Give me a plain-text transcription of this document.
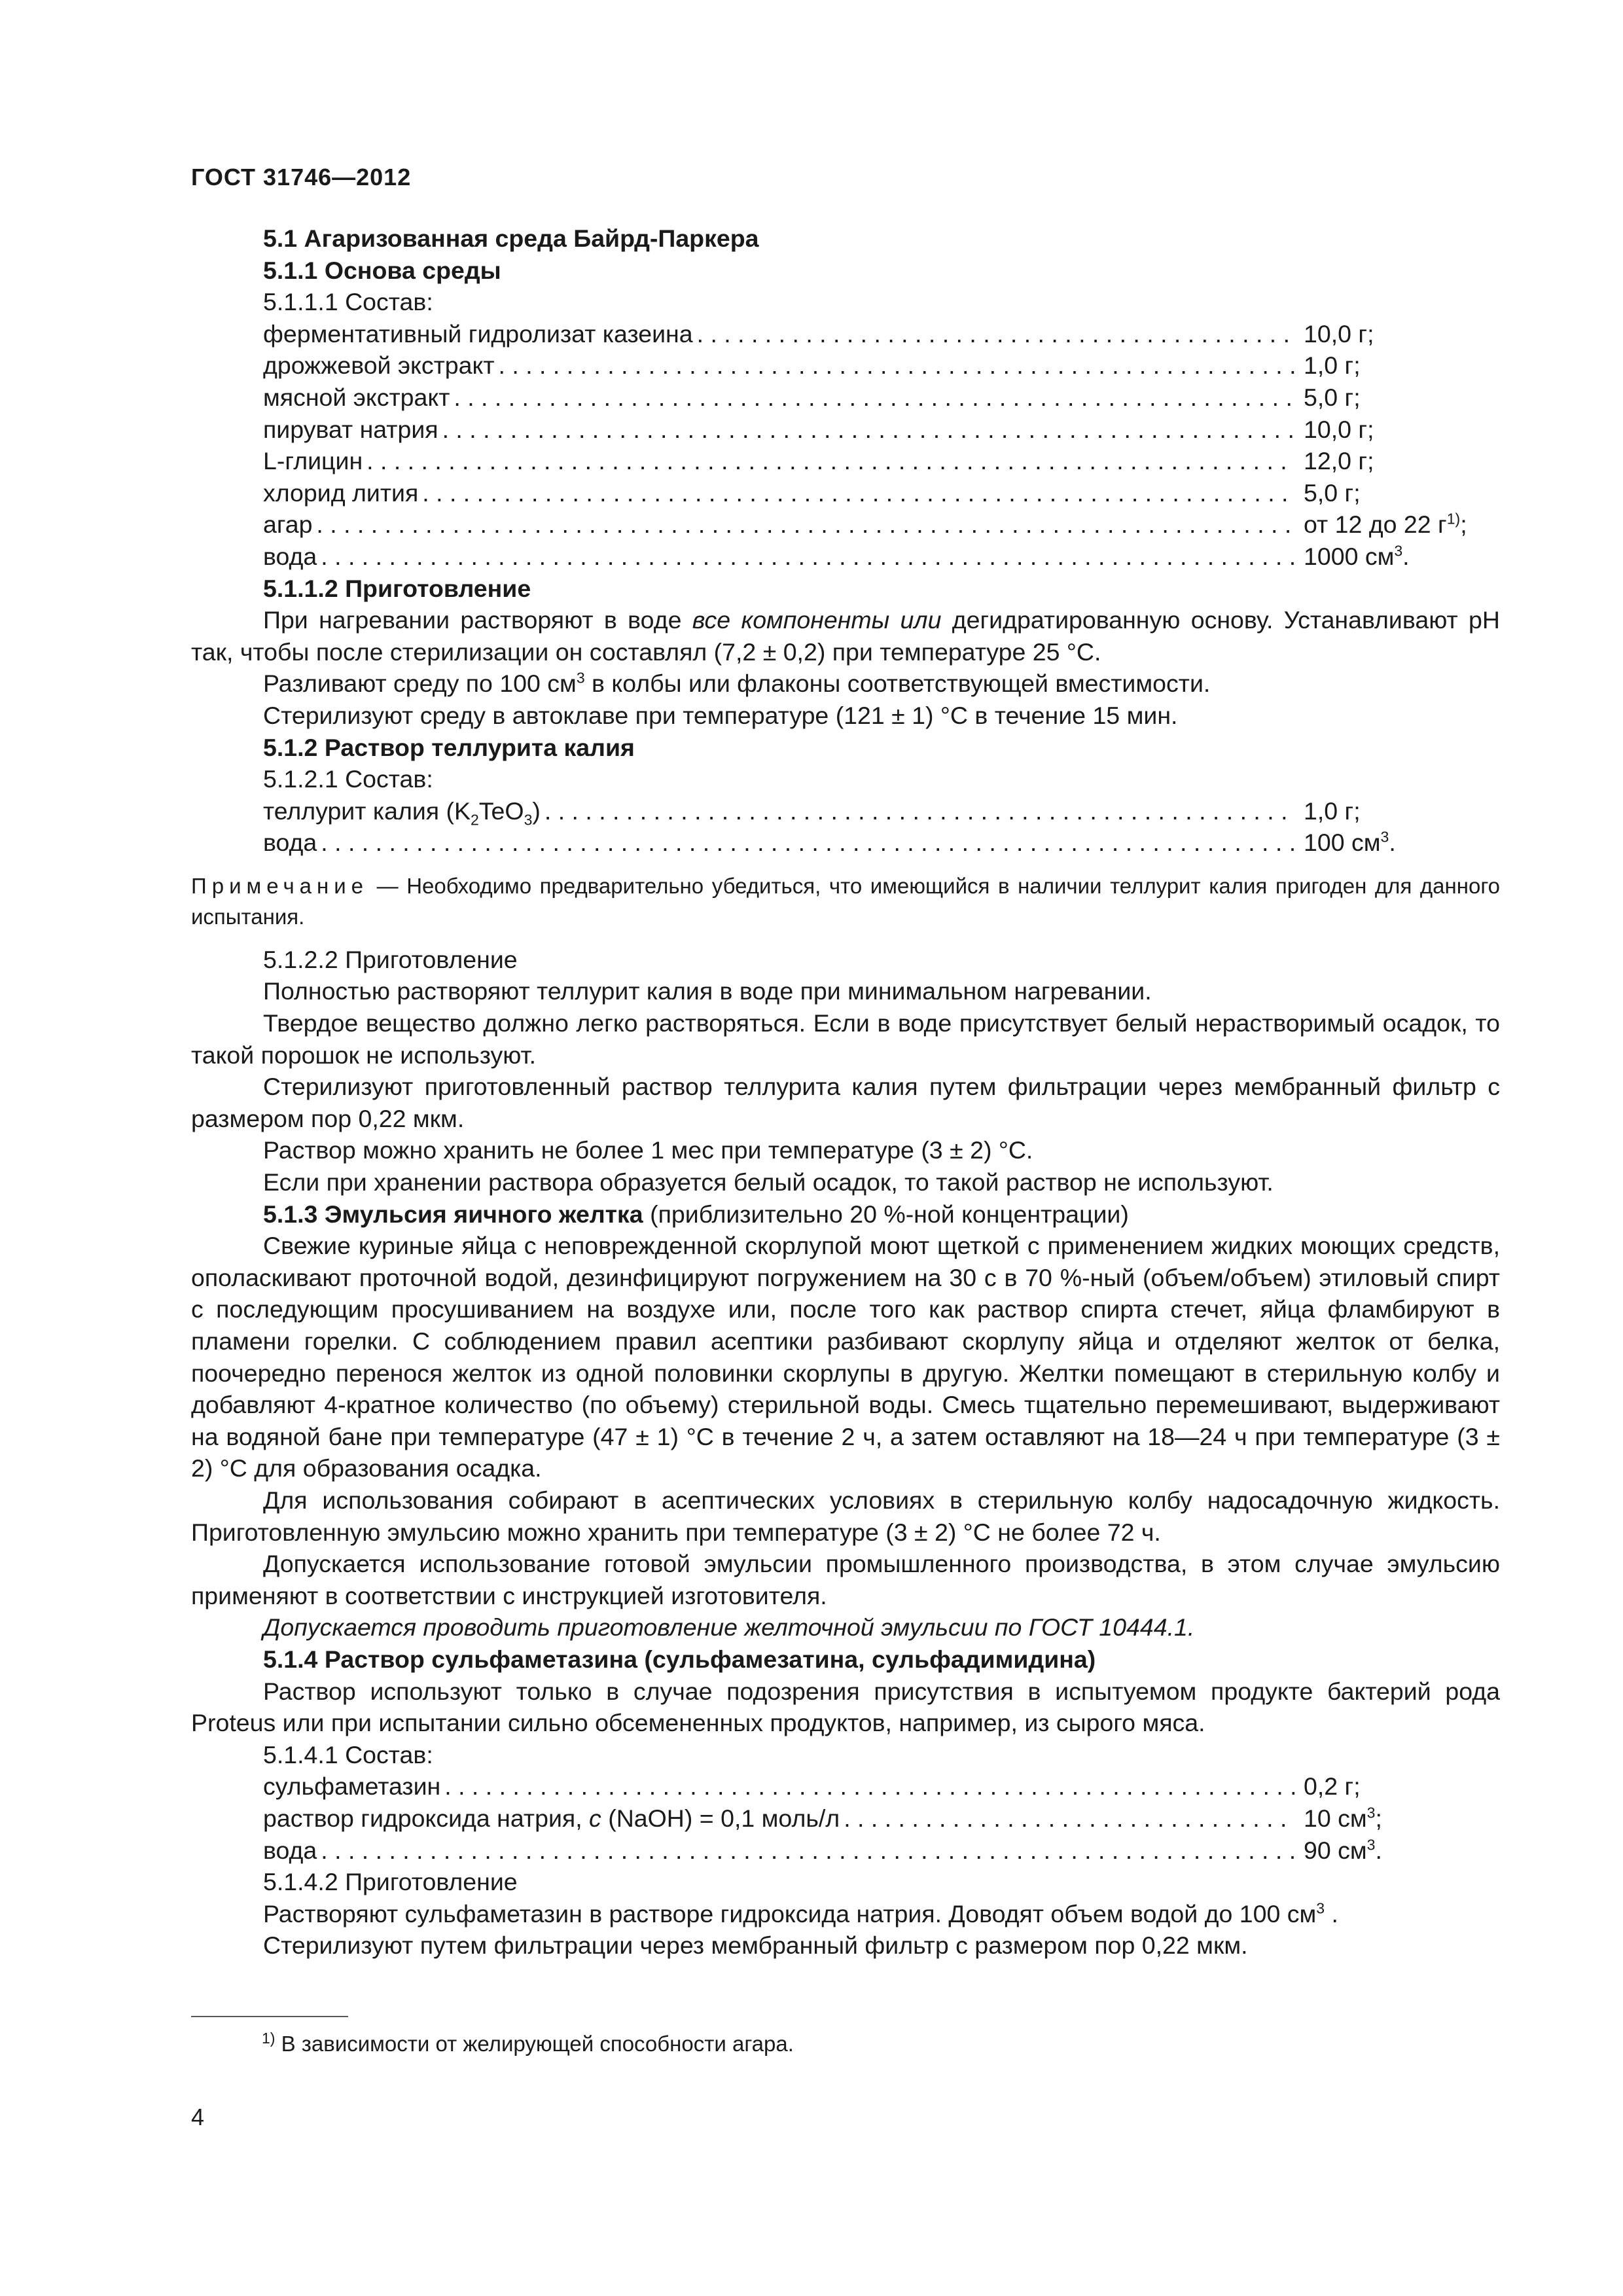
ГОСТ 31746—2012

5.1 Агаризованная среда Байрд-Паркера

5.1.1 Основа среды

5.1.1.1 Состав:

ферментативный гидролизат казеина . . .	10,0 г;
дрожжевой экстракт . . .	1,0 г;
мясной экстракт . . .	5,0 г;
пируват натрия . . .	10,0 г;
L-глицин . . .	12,0 г;
хлорид лития . . .	5,0 г;
агар . . .	от 12 до 22 $г^{1)}$;
вода . . .	1000 $см^3$.

5.1.1.2 Приготовление

При нагревании растворяют в воде все компоненты или дегидратированную основу. Устанавливают pH так, чтобы после стерилизации он составлял (7,2 ± 0,2) при температуре 25 °С.

Разливают среду по 100 $см^3$ в колбы или флаконы соответствующей вместимости.

Стерилизуют среду в автоклаве при температуре (121 ± 1) °С в течение 15 мин.

5.1.2 Раствор теллурита калия

5.1.2.1 Состав:

теллурит калия $(K_2TeO_3)$ . . .	1,0 г;
вода . . .	100 $см^3$.

Примечание — Необходимо предварительно убедиться, что имеющийся в наличии теллурит калия пригоден для данного испытания.

5.1.2.2 Приготовление

Полностью растворяют теллурит калия в воде при минимальном нагревании.

Твердое вещество должно легко растворяться. Если в воде присутствует белый нерастворимый осадок, то такой порошок не используют.

Стерилизуют приготовленный раствор теллурита калия путем фильтрации через мембранный фильтр с размером пор 0,22 мкм.

Раствор можно хранить не более 1 мес при температуре (3 ± 2) °С.

Если при хранении раствора образуется белый осадок, то такой раствор не используют.

5.1.3 Эмульсия яичного желтка (приблизительно 20 %-ной концентрации)

Свежие куриные яйца с неповрежденной скорлупой моют щеткой с применением жидких моющих средств, ополаскивают проточной водой, дезинфицируют погружением на 30 с в 70 %-ный (объем/объем) этиловый спирт с последующим просушиванием на воздухе или, после того как раствор спирта стечет, яйца фламбируют в пламени горелки. С соблюдением правил асептики разбивают скорлупу яйца и отделяют желток от белка, поочередно перенося желток из одной половинки скорлупы в другую. Желтки помещают в стерильную колбу и добавляют 4-кратное количество (по объему) стерильной воды. Смесь тщательно перемешивают, выдерживают на водяной бане при температуре (47 ± 1) °С в течение 2 ч, а затем оставляют на 18—24 ч при температуре (3 ± 2) °С для образования осадка.

Для использования собирают в асептических условиях в стерильную колбу надосадочную жидкость. Приготовленную эмульсию можно хранить при температуре (3 ± 2) °С не более 72 ч.

Допускается использование готовой эмульсии промышленного производства, в этом случае эмульсию применяют в соответствии с инструкцией изготовителя.

Допускается проводить приготовление желточной эмульсии по ГОСТ 10444.1.

5.1.4 Раствор сульфаметазина (сульфамезатина, сульфадимидина)

Раствор используют только в случае подозрения присутствия в испытуемом продукте бактерий рода Proteus или при испытании сильно обсемененных продуктов, например, из сырого мяса.

5.1.4.1 Состав:

сульфаметазин . . .	0,2 г;
раствор гидроксида натрия, c (NaOH) = 0,1 моль/л . . .	10 $см^3$;
вода . . .	90 $см^3$.

5.1.4.2 Приготовление

Растворяют сульфаметазин в растворе гидроксида натрия. Доводят объем водой до 100 $см^3$ .

Стерилизуют путем фильтрации через мембранный фильтр с размером пор 0,22 мкм.

$^{1)}$ В зависимости от желирующей способности агара.
4
